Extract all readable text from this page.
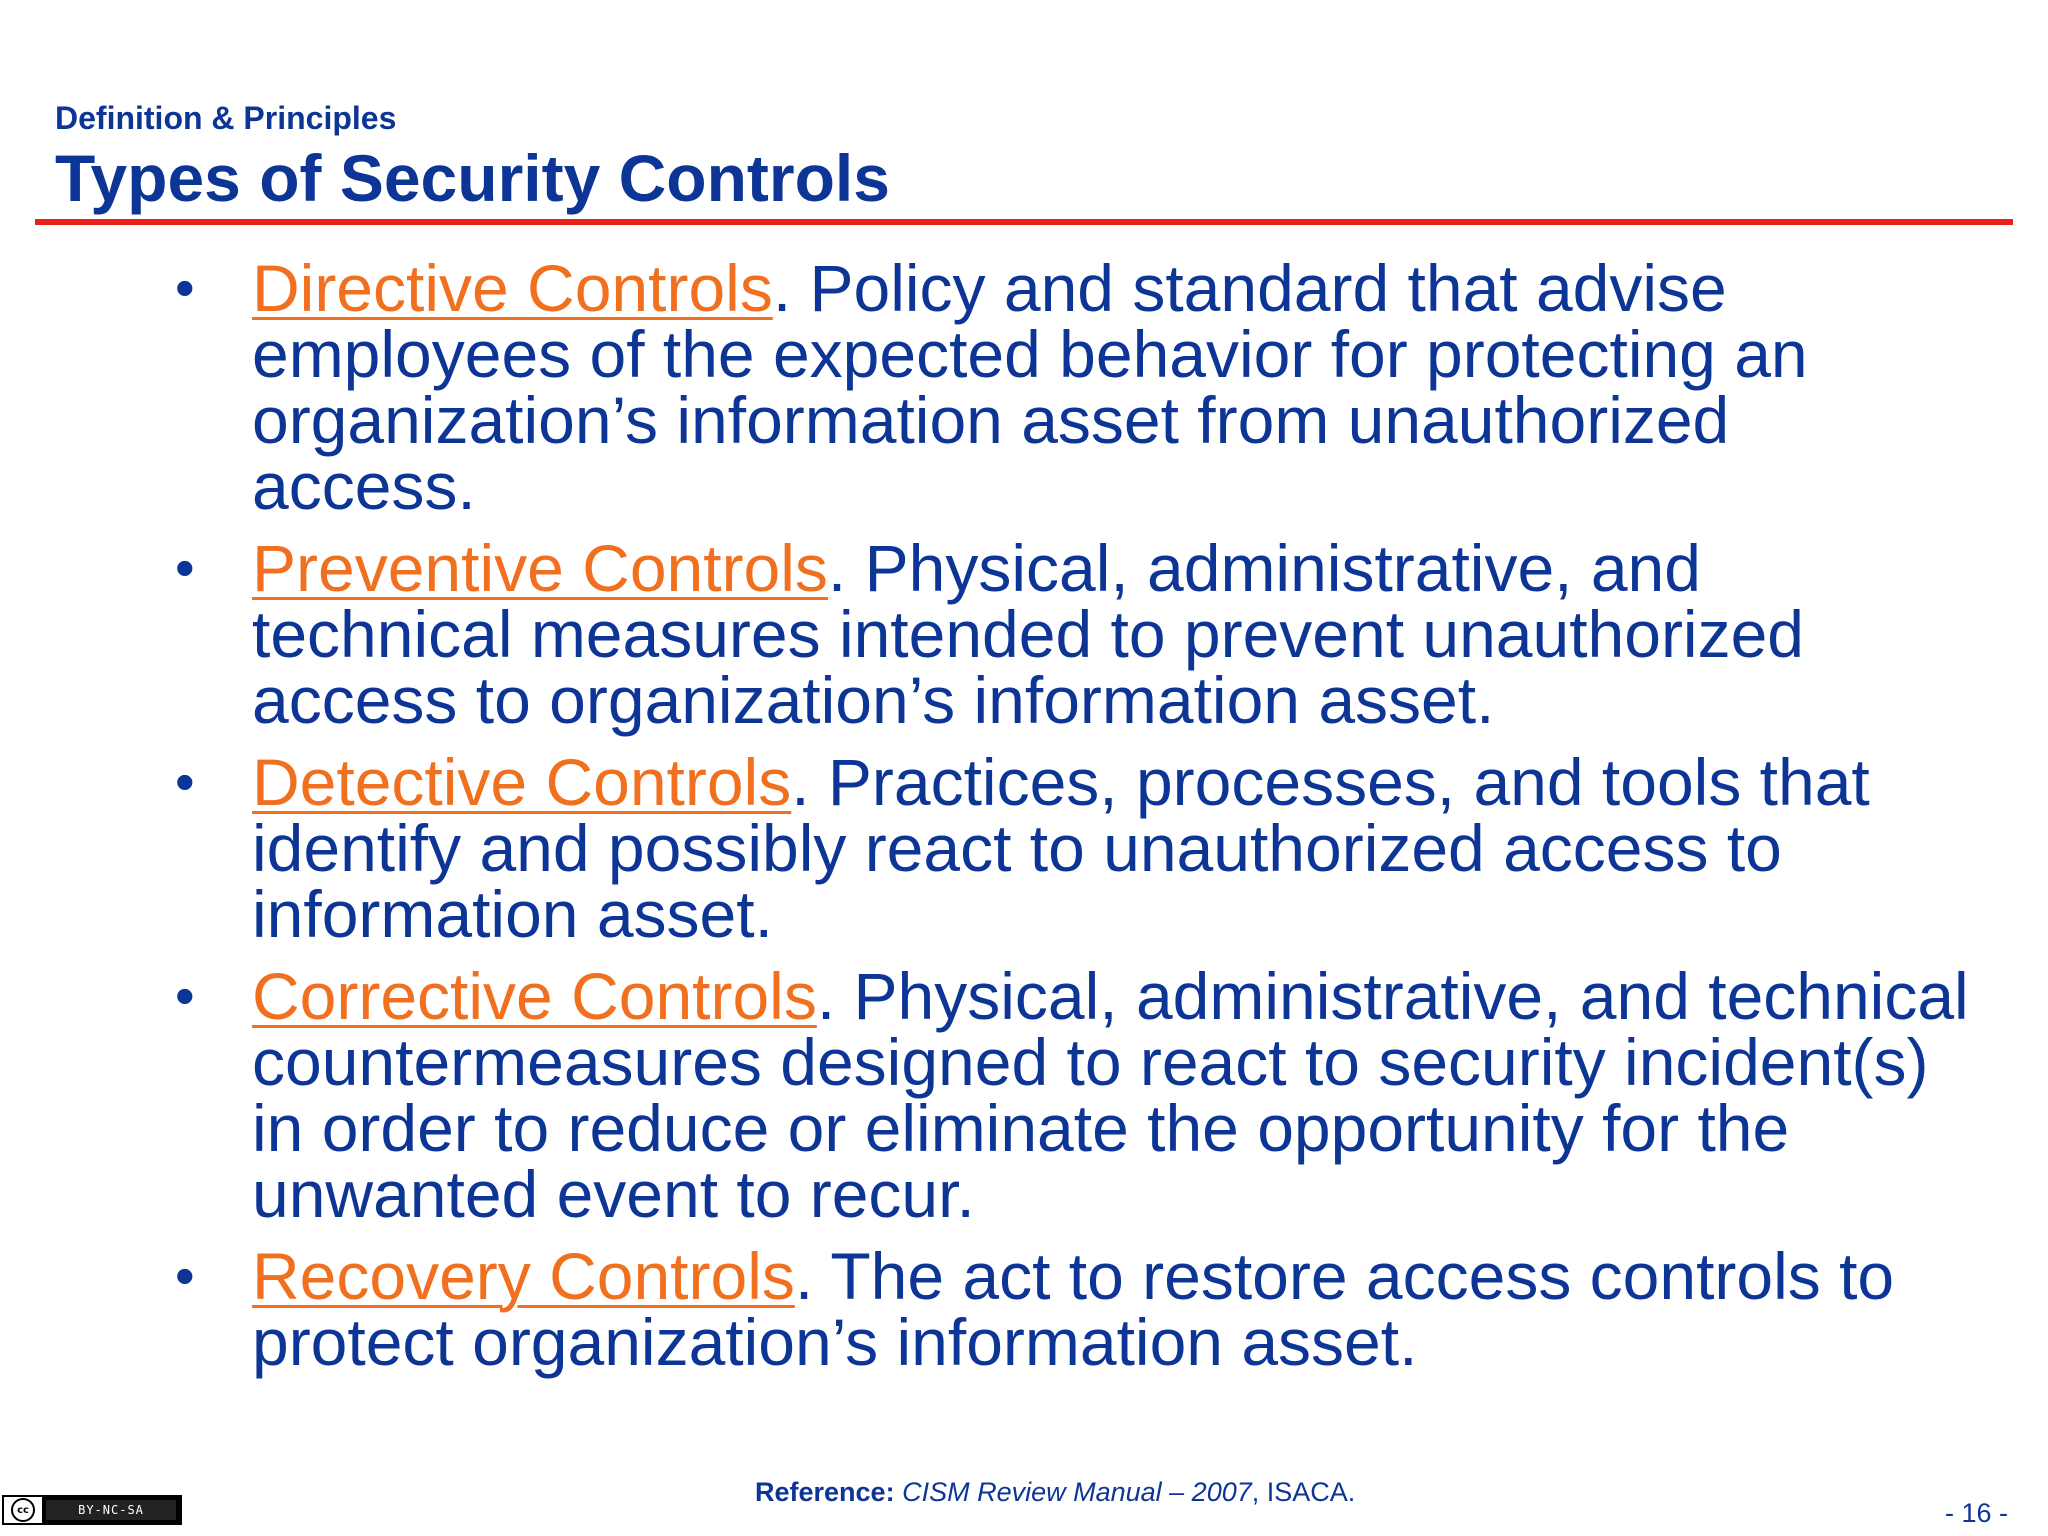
Definition & Principles
Types of Security Controls
• Directive Controls. Policy and standard that advise employees of the expected behavior for protecting an organization’s information asset from unauthorized access.
• Preventive Controls. Physical, administrative, and technical measures intended to prevent unauthorized access to organization’s information asset.
• Detective Controls. Practices, processes, and tools that identify and possibly react to unauthorized access to information asset.
• Corrective Controls. Physical, administrative, and technical countermeasures designed to react to security incident(s) in order to reduce or eliminate the opportunity for the unwanted event to recur.
• Recovery Controls. The act to restore access controls to protect organization’s information asset.
cc	BY-NC-SA
Reference: CISM Review Manual – 2007, ISACA.
- 16 -
